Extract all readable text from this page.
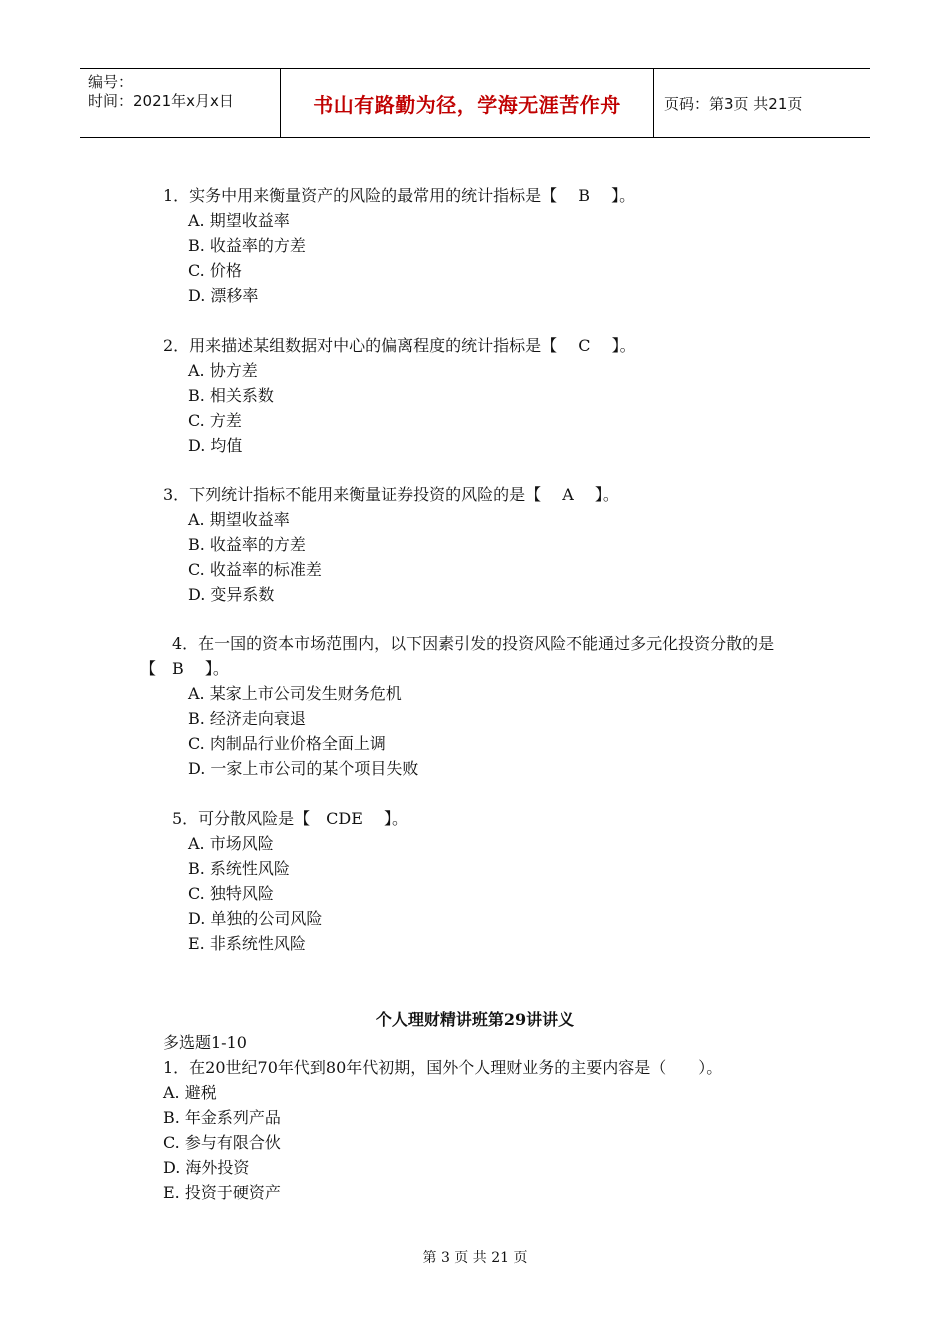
编号：
时间：2021年x月x日	书山有路勤为径，学海无涯苦作舟	页码：第3页 共21页
1．实务中用来衡量资产的风险的最常用的统计指标是【　 B　 】。
A. 期望收益率
B. 收益率的方差
C. 价格
D. 漂移率
2．用来描述某组数据对中心的偏离程度的统计指标是【　 C　 】。
A. 协方差
B. 相关系数
C. 方差
D. 均值
3．下列统计指标不能用来衡量证券投资的风险的是【　 A　 】。
A. 期望收益率
B. 收益率的方差
C. 收益率的标准差
D. 变异系数
4．在一国的资本市场范围内，以下因素引发的投资风险不能通过多元化投资分散的是
【　B　 】。
A. 某家上市公司发生财务危机
B. 经济走向衰退
C. 肉制品行业价格全面上调
D. 一家上市公司的某个项目失败
5．可分散风险是【　CDE　 】。
A. 市场风险
B. 系统性风险
C. 独特风险
D. 单独的公司风险
E. 非系统性风险
个人理财精讲班第29讲讲义
多选题1-10
1．在20世纪70年代到80年代初期，国外个人理财业务的主要内容是（　　）。
A. 避税
B. 年金系列产品
C. 参与有限合伙
D. 海外投资
E. 投资于硬资产
第 3 页 共 21 页
